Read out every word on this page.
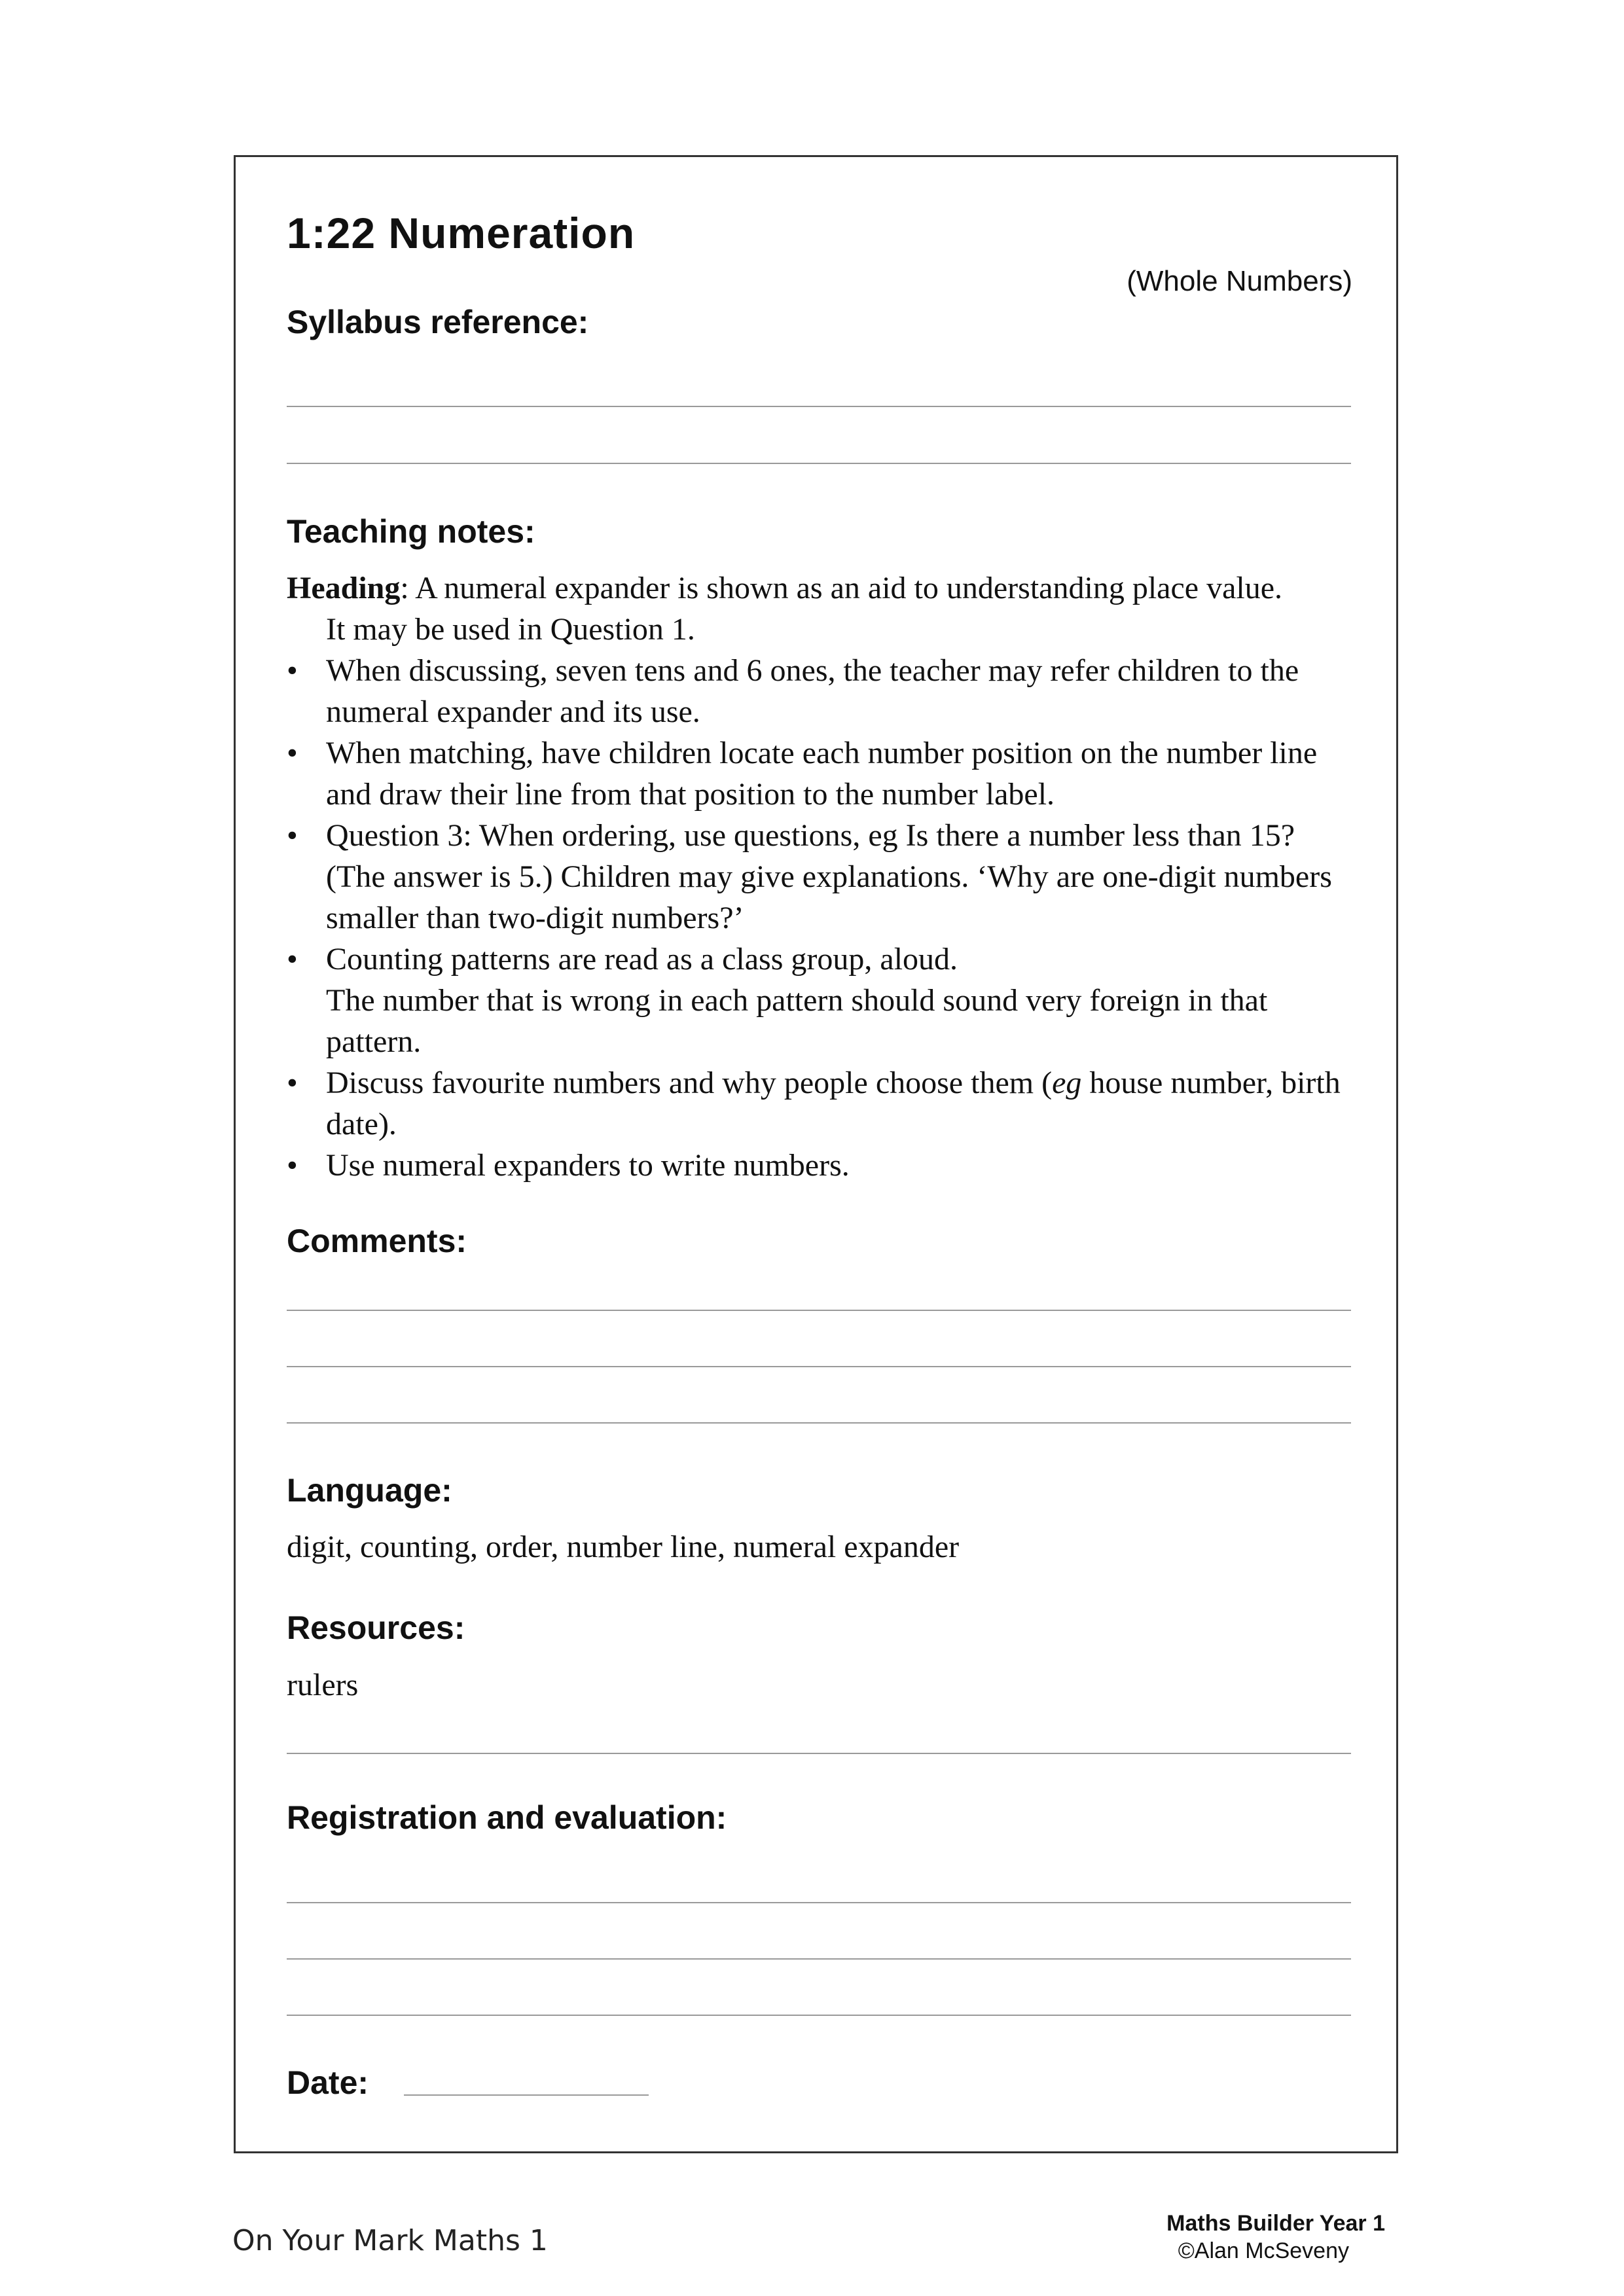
1:22 Numeration
(Whole Numbers)
Syllabus reference:
Teaching notes:

Heading: A numeral expander is shown as an aid to understanding place value.

It may be used in Question 1.

• When discussing, seven tens and 6 ones, the teacher may refer children to the numeral expander and its use.
• When matching, have children locate each number position on the number line and draw their line from that position to the number label.
• Question 3: When ordering, use questions, eg Is there a number less than 15? (The answer is 5.) Children may give explanations. ‘Why are one-digit numbers smaller than two-digit numbers?’
• Counting patterns are read as a class group, aloud.
The number that is wrong in each pattern should sound very foreign in that pattern.
• Discuss favourite numbers and why people choose them (eg house number, birth date).
• Use numeral expanders to write numbers.
Comments:
Language:
digit, counting, order, number line, numeral expander
Resources:
rulers
Registration and evaluation:
Date:
On Your Mark Maths 1
Maths Builder Year 1
©Alan McSeveny
